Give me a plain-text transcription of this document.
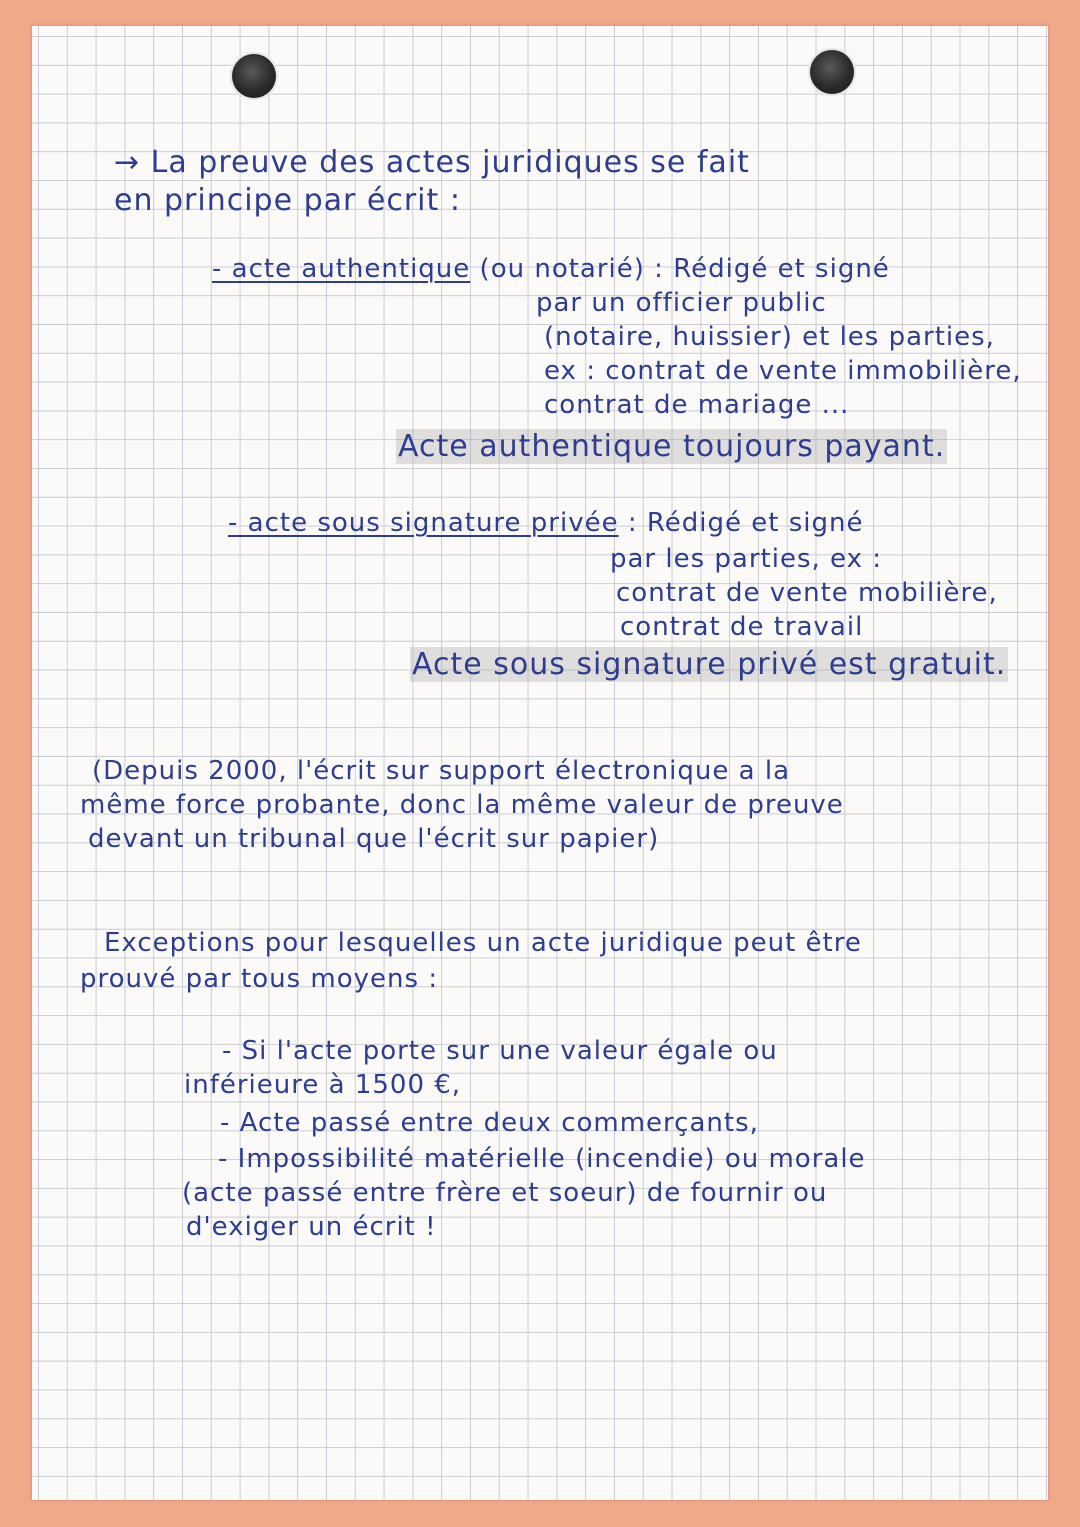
→ La preuve des actes juridiques se fait
en principe par écrit :
- acte authentique (ou notarié) : Rédigé et signé
par un officier public
(notaire, huissier) et les parties,
ex : contrat de vente immobilière,
contrat de mariage ...
Acte authentique toujours payant.
- acte sous signature privée : Rédigé et signé
par les parties, ex :
contrat de vente mobilière,
contrat de travail
Acte sous signature privé est gratuit.
(Depuis 2000, l'écrit sur support électronique a la
même force probante, donc la même valeur de preuve
devant un tribunal que l'écrit sur papier)
Exceptions pour lesquelles un acte juridique peut être
prouvé par tous moyens :
- Si l'acte porte sur une valeur égale ou
inférieure à 1500 €,
- Acte passé entre deux commerçants,
- Impossibilité matérielle (incendie) ou morale
(acte passé entre frère et soeur) de fournir ou
d'exiger un écrit !
